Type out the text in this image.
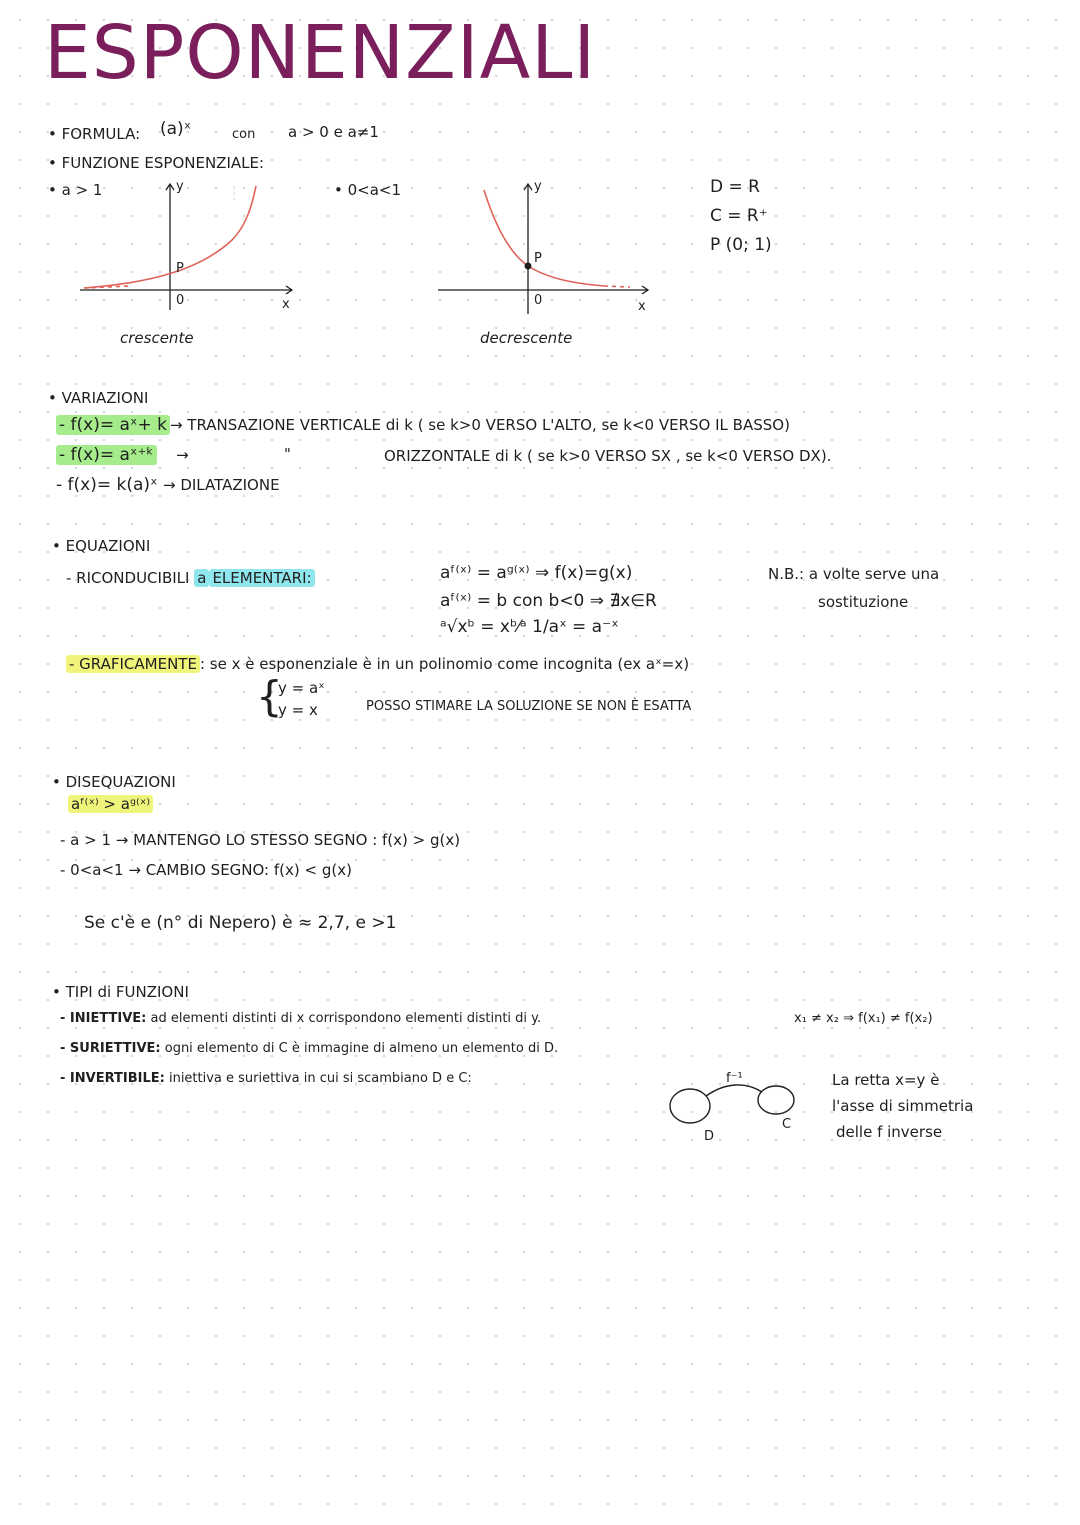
ESPONENZIALI
• FORMULA: (a)ˣ	con a > 0 e a≠1
• FUNZIONE ESPONENZIALE:
• a > 1	• 0<a<1
y
x
P
0
crescente
y
x
P
0
decrescente
D = R
C = R⁺
P (0; 1)
• VARIAZIONI
- f(x)= aˣ+ k → TRANSAZIONE VERTICALE di k ( se k>0 VERSO L'ALTO, se k<0 VERSO IL BASSO)
- f(x)= aˣ⁺ᵏ →	"	ORIZZONTALE di k ( se k>0 VERSO SX , se k<0 VERSO DX).
- f(x)= k(a)ˣ → DILATAZIONE
• EQUAZIONI
- RICONDUCIBILI a ELEMENTARI:	aᶠ⁽ˣ⁾ = aᵍ⁽ˣ⁾ ⇒ f(x)=g(x)
aᶠ⁽ˣ⁾ = b con b<0 ⇒ ∄x∈R
ᵃ√xᵇ = xᵇ⁄ᵃ 1/aˣ = a⁻ˣ
N.B.: a volte serve una
sostituzione
- GRAFICAMENTE : se x è esponenziale è in un polinomio come incognita (ex aˣ=x)
{
y = aˣ
y = x	POSSO STIMARE LA SOLUZIONE SE NON È ESATTA
• DISEQUAZIONI
aᶠ⁽ˣ⁾ > aᵍ⁽ˣ⁾
- a > 1 → MANTENGO LO STESSO SEGNO : f(x) > g(x)
- 0<a<1 → CAMBIO SEGNO: f(x) < g(x)
Se c'è e (n° di Nepero) è ≈ 2,7, e >1
• TIPI di FUNZIONI
- INIETTIVE: ad elementi distinti di x corrispondono elementi distinti di y.	x₁ ≠ x₂ ⇒ f(x₁) ≠ f(x₂)
- SURIETTIVE: ogni elemento di C è immagine di almeno un elemento di D.
- INVERTIBILE: iniettiva e suriettiva in cui si scambiano D e C:	f⁻¹
D
C
La retta x=y è
l'asse di simmetria
delle f inverse
